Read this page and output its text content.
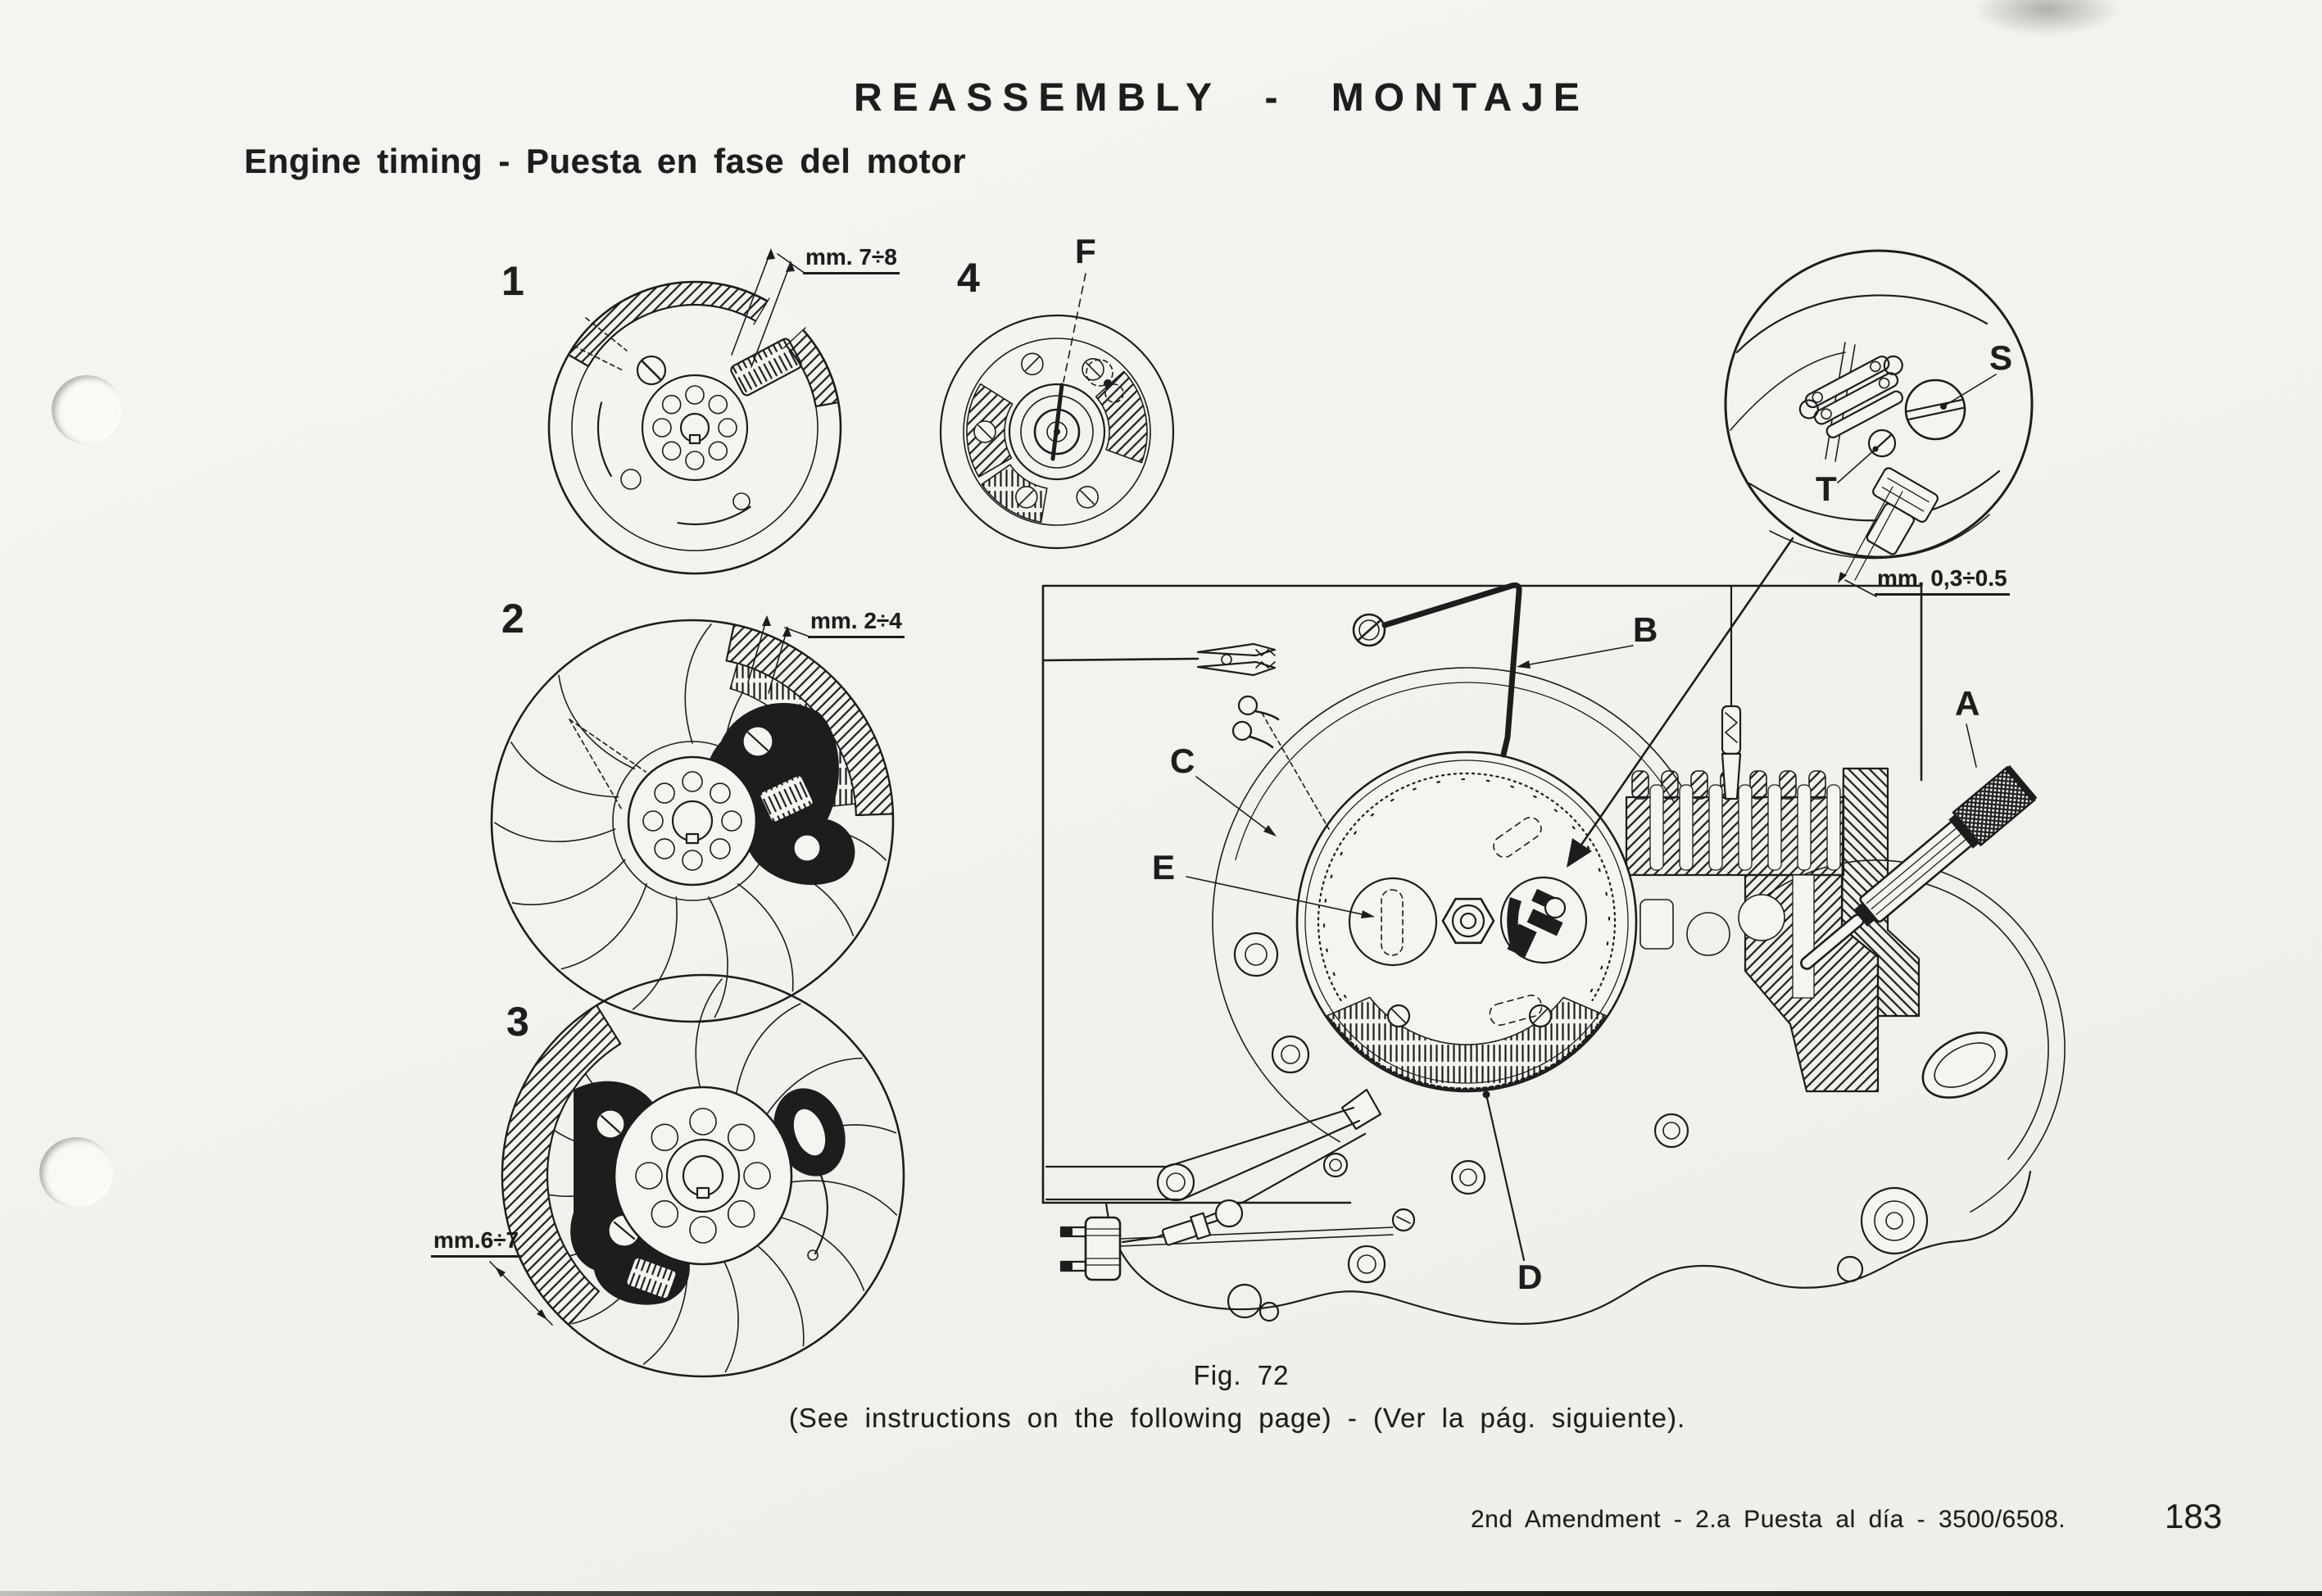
REASSEMBLY - MONTAJE
Engine timing - Puesta en fase del motor
1
mm. 7÷8
2	mm. 2÷4
3
mm.6÷7
4
F
S
T
mm. 0,3÷0.5
A
B
C
D
E
Fig. 72
(See instructions on the following page) - (Ver la pág. siguiente).
2nd Amendment - 2.a Puesta al día - 3500/6508.	183
